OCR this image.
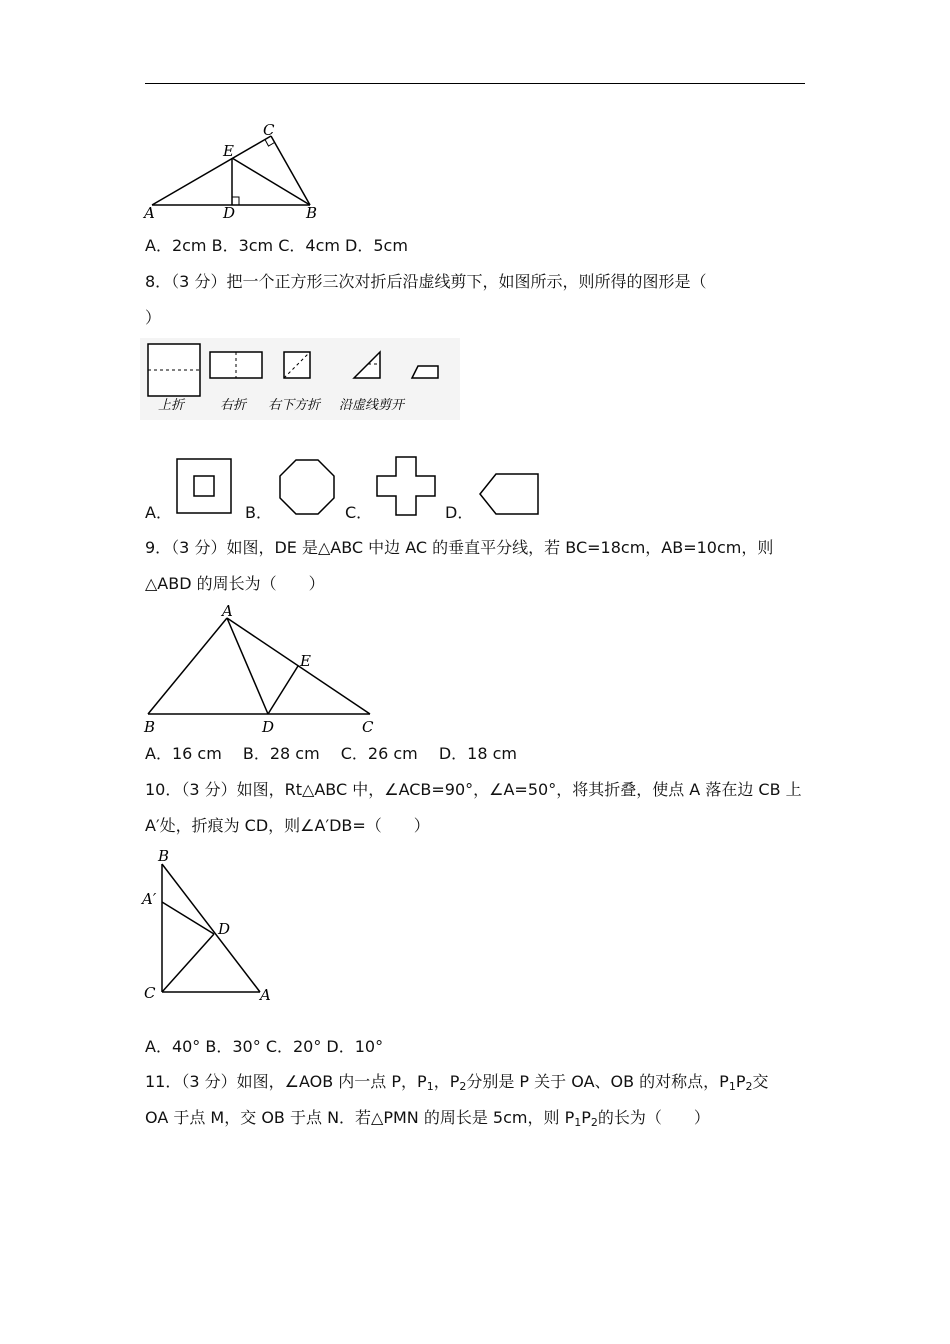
A	D	B
E
C
A．2cm B．3cm C．4cm D．5cm
8．（3 分）把一个正方形三次对折后沿虚线剪下，如图所示，则所得的图形是（
）
上折	右折 右下方折 沿虚线剪开
A．	B．	C．	D．
9．（3 分）如图，DE 是△ABC 中边 AC 的垂直平分线，若 BC=18cm，AB=10cm，则
△ABD 的周长为（　　）
A
E
B	D	C
A．16 cm　 B．28 cm　 C．26 cm　 D．18 cm
10．（3 分）如图，Rt△ABC 中，∠ACB=90°，∠A=50°，将其折叠，使点 A 落在边 CB 上
A′处，折痕为 CD，则∠A′DB=（　　）
B
A′
D
C	A
A．40° B．30° C．20° D．10°
11．（3 分）如图，∠AOB 内一点 P，$P_1$，$P_2$分别是 P 关于 OA、OB 的对称点，$P_1P_2$交
OA 于点 M，交 OB 于点 N．若△PMN 的周长是 5cm，则 $P_1P_2$的长为（　　）
